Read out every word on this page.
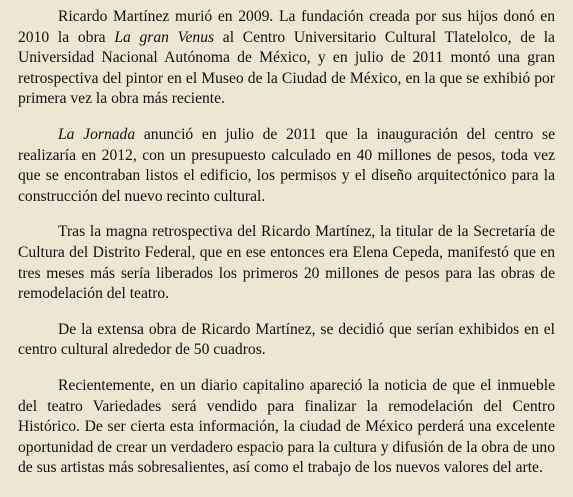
Ricardo Martínez murió en 2009. La fundación creada por sus hijos donó en 2010 la obra La gran Venus al Centro Universitario Cultural Tlatelolco, de la Universidad Nacional Autónoma de México, y en julio de 2011 montó una gran retrospectiva del pintor en el Museo de la Ciudad de México, en la que se exhibió por primera vez la obra más reciente.

La Jornada anunció en julio de 2011 que la inauguración del centro se realizaría en 2012, con un presupuesto calculado en 40 millones de pesos, toda vez que se encontraban listos el edificio, los permisos y el diseño arquitectónico para la construcción del nuevo recinto cultural.

Tras la magna retrospectiva del Ricardo Martínez, la titular de la Secretaría de Cultura del Distrito Federal, que en ese entonces era Elena Cepeda, manifestó que en tres meses más sería liberados los primeros 20 millones de pesos para las obras de remodelación del teatro.

De la extensa obra de Ricardo Martínez, se decidió que serían exhibidos en el centro cultural alrededor de 50 cuadros.

Recientemente, en un diario capitalino apareció la noticia de que el inmueble del teatro Variedades será vendido para finalizar la remodelación del Centro Histórico. De ser cierta esta información, la ciudad de México perderá una excelente oportunidad de crear un verdadero espacio para la cultura y difusión de la obra de uno de sus artistas más sobresalientes, así como el trabajo de los nuevos valores del arte.
